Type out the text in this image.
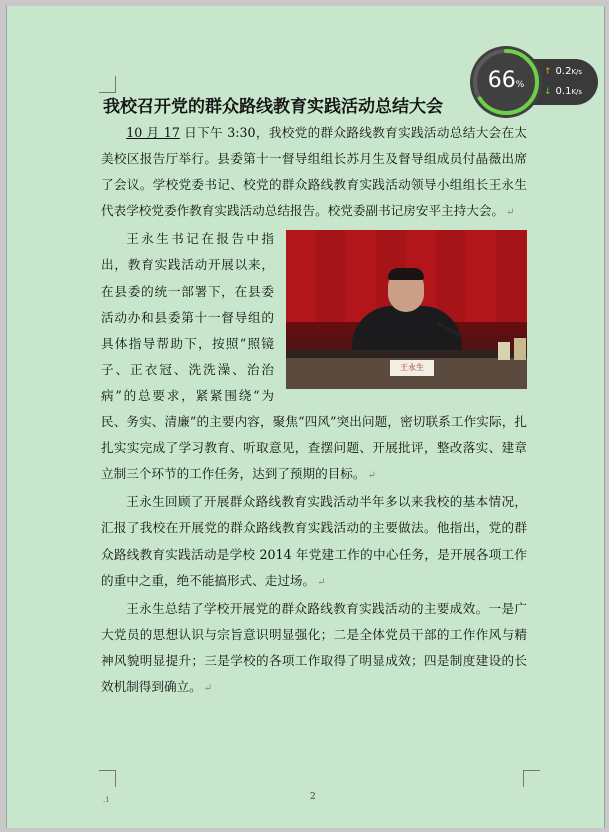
我校召开党的群众路线教育实践活动总结大会

10 月 17 日下午 3:30，我校党的群众路线教育实践活动总结大会在太美校区报告厅举行。县委第十一督导组组长苏月生及督导组成员付晶薇出席了会议。学校党委书记、校党的群众路线教育实践活动领导小组组长王永生代表学校党委作教育实践活动总结报告。校党委副书记房安平主持大会。 ↵

王永生

王永生书记在报告中指出，教育实践活动开展以来，在县委的统一部署下，在县委活动办和县委第十一督导组的具体指导帮助下，按照“照镜子、正衣冠、洗洗澡、治治病”的总要求，紧紧围绕“为民、务实、清廉”的主要内容，聚焦“四风”突出问题，密切联系工作实际，扎扎实实完成了学习教育、听取意见，查摆问题、开展批评，整改落实、建章立制三个环节的工作任务，达到了预期的目标。 ↵

王永生回顾了开展群众路线教育实践活动半年多以来我校的基本情况，汇报了我校在开展党的群众路线教育实践活动的主要做法。他指出，党的群众路线教育实践活动是学校 2014 年党建工作的中心任务，是开展各项工作的重中之重，绝不能搞形式、走过场。 ↵

王永生总结了学校开展党的群众路线教育实践活动的主要成效。一是广大党员的思想认识与宗旨意识明显强化；二是全体党员干部的工作作风与精神风貌明显提升；三是学校的各项工作取得了明显成效；四是制度建设的长效机制得到确立。 ↵

.1	2
66%
↑ 0.2K/s
↓ 0.1K/s
